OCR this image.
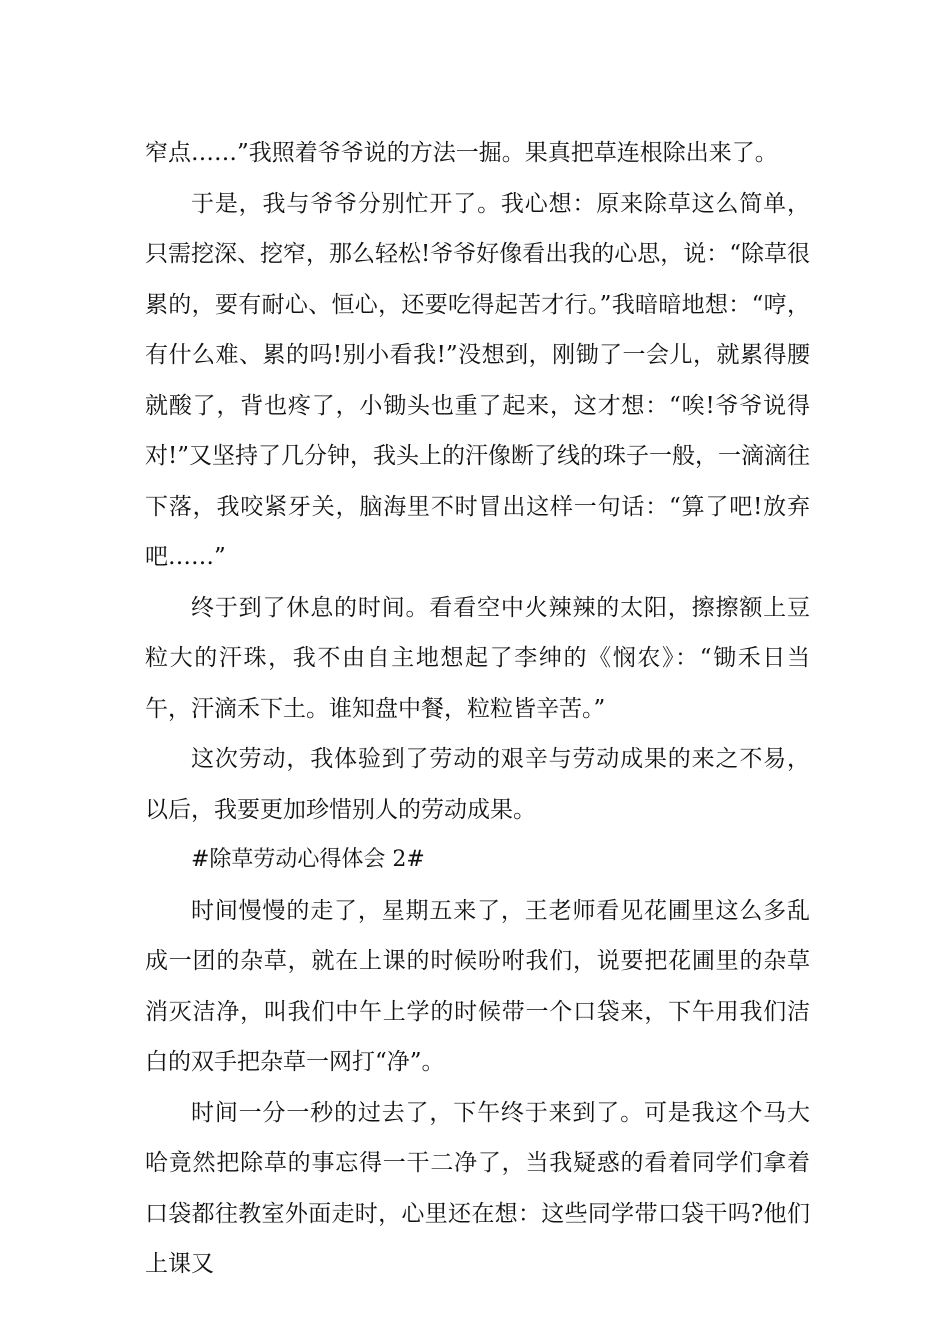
窄点……”我照着爷爷说的方法一掘。果真把草连根除出来了。

于是，我与爷爷分别忙开了。我心想：原来除草这么简单，只需挖深、挖窄，那么轻松!爷爷好像看出我的心思，说：“除草很累的，要有耐心、恒心，还要吃得起苦才行。”我暗暗地想：“哼，有什么难、累的吗!别小看我!”没想到，刚锄了一会儿，就累得腰就酸了，背也疼了，小锄头也重了起来，这才想：“唉!爷爷说得对!”又坚持了几分钟，我头上的汗像断了线的珠子一般，一滴滴往下落，我咬紧牙关，脑海里不时冒出这样一句话：“算了吧!放弃吧……”

终于到了休息的时间。看看空中火辣辣的太阳，擦擦额上豆粒大的汗珠，我不由自主地想起了李绅的《悯农》：“锄禾日当午，汗滴禾下土。谁知盘中餐，粒粒皆辛苦。”

这次劳动，我体验到了劳动的艰辛与劳动成果的来之不易，以后，我要更加珍惜别人的劳动成果。

#除草劳动心得体会 2#

时间慢慢的走了，星期五来了，王老师看见花圃里这么多乱成一团的杂草，就在上课的时候吩咐我们，说要把花圃里的杂草消灭洁净，叫我们中午上学的时候带一个口袋来，下午用我们洁白的双手把杂草一网打“净”。

时间一分一秒的过去了，下午终于来到了。可是我这个马大哈竟然把除草的事忘得一干二净了，当我疑惑的看着同学们拿着口袋都往教室外面走时，心里还在想：这些同学带口袋干吗?他们上课又
